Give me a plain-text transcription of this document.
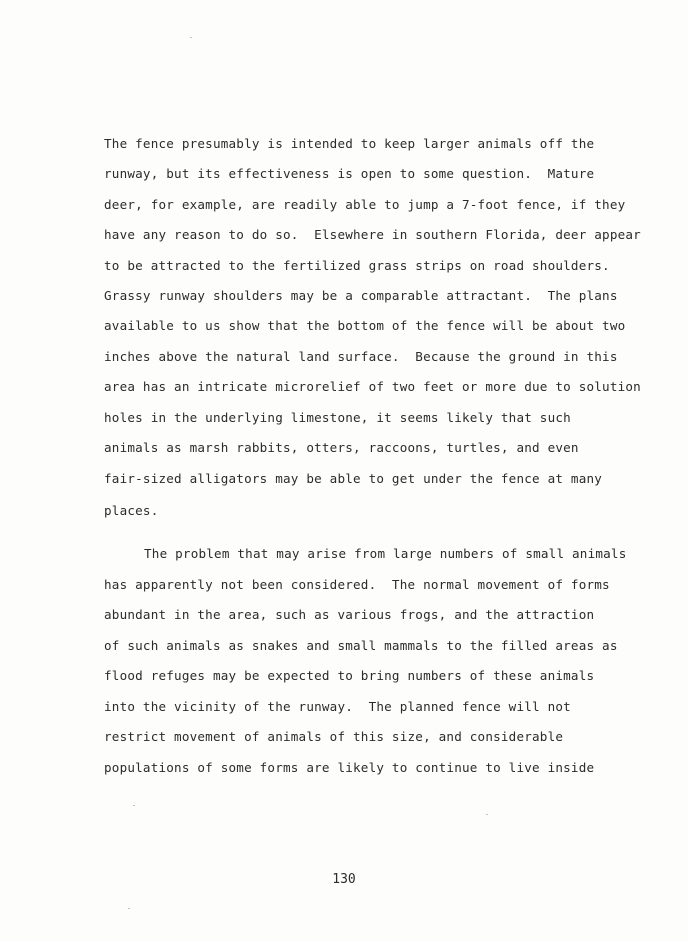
The fence presumably is intended to keep larger animals off the
runway, but its effectiveness is open to some question.  Mature
deer, for example, are readily able to jump a 7-foot fence, if they
have any reason to do so.  Elsewhere in southern Florida, deer appear
to be attracted to the fertilized grass strips on road shoulders.
Grassy runway shoulders may be a comparable attractant.  The plans
available to us show that the bottom of the fence will be about two
inches above the natural land surface.  Because the ground in this
area has an intricate microrelief of two feet or more due to solution
holes in the underlying limestone, it seems likely that such
animals as marsh rabbits, otters, raccoons, turtles, and even
fair-sized alligators may be able to get under the fence at many
places.
The problem that may arise from large numbers of small animals
has apparently not been considered.  The normal movement of forms
abundant in the area, such as various frogs, and the attraction
of such animals as snakes and small mammals to the filled areas as
flood refuges may be expected to bring numbers of these animals
into the vicinity of the runway.  The planned fence will not
restrict movement of animals of this size, and considerable
populations of some forms are likely to continue to live inside
130
